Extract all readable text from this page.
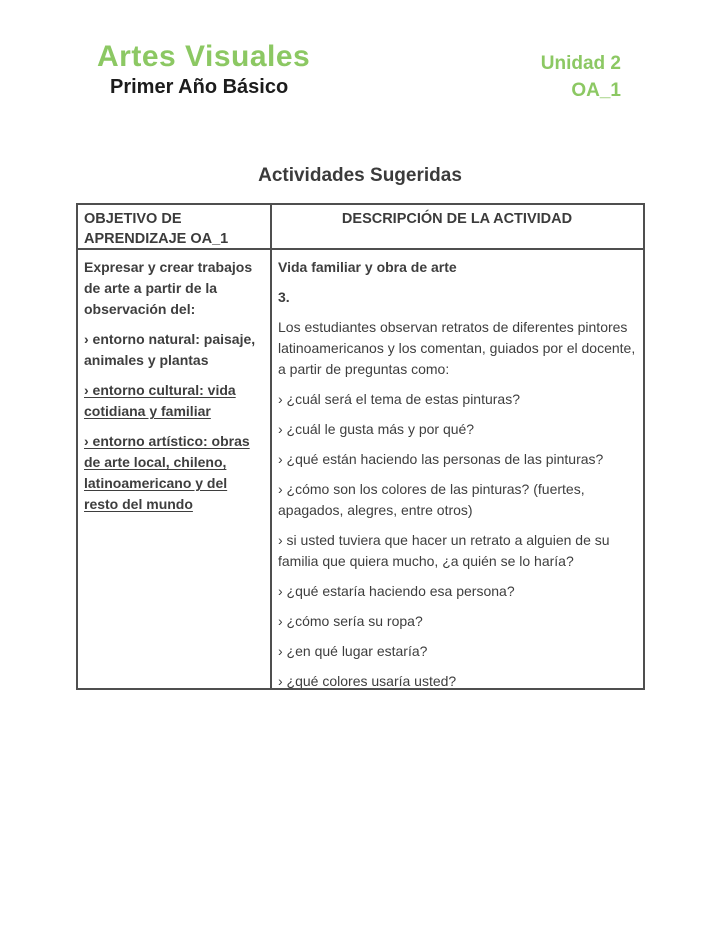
Artes Visuales
Primer Año Básico
Unidad 2
OA_1
Actividades Sugeridas
OBJETIVO DE APRENDIZAJE OA_1
DESCRIPCIÓN DE LA ACTIVIDAD

Expresar y crear trabajos de arte a partir de la observación del:

› entorno natural: paisaje, animales y plantas

› entorno cultural: vida cotidiana y familiar

› entorno artístico: obras de arte local, chileno, latinoamericano y del resto del mundo

Vida familiar y obra de arte

3.

Los estudiantes observan retratos de diferentes pintores latinoamericanos y los comentan, guiados por el docente, a partir de preguntas como:

› ¿cuál será el tema de estas pinturas?

› ¿cuál le gusta más y por qué?

› ¿qué están haciendo las personas de las pinturas?

› ¿cómo son los colores de las pinturas? (fuertes, apagados, alegres, entre otros)

› si usted tuviera que hacer un retrato a alguien de su familia que quiera mucho, ¿a quién se lo haría?

› ¿qué estaría haciendo esa persona?

› ¿cómo sería su ropa?

› ¿en qué lugar estaría?

› ¿qué colores usaría usted?
